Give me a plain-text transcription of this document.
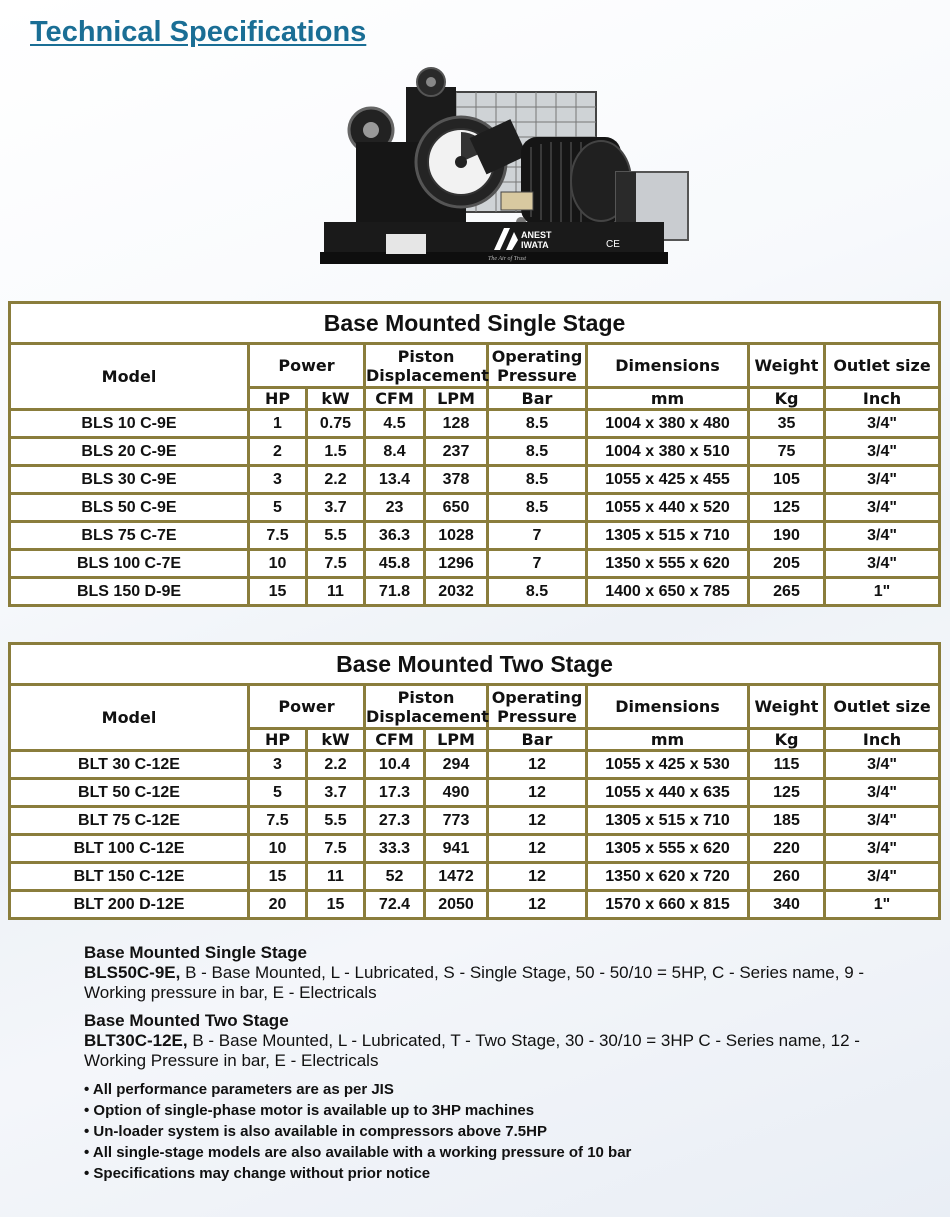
Technical Specifications
ANEST
IWATA
The Air of Trust
CE
Base Mounted Single Stage								
Model	Power		Piston
Displacement		Operating
Pressure	Dimensions	Weight	Outlet size
	HP	kW	CFM	LPM	Bar	mm	Kg	Inch
BLS 10 C-9E	1	0.75	4.5	128	8.5	1004 x 380 x 480	35	3/4"
BLS 20 C-9E	2	1.5	8.4	237	8.5	1004 x 380 x 510	75	3/4"
BLS 30 C-9E	3	2.2	13.4	378	8.5	1055 x 425 x 455	105	3/4"
BLS 50 C-9E	5	3.7	23	650	8.5	1055 x 440 x 520	125	3/4"
BLS 75 C-7E	7.5	5.5	36.3	1028	7	1305 x 515 x 710	190	3/4"
BLS 100 C-7E	10	7.5	45.8	1296	7	1350 x 555 x 620	205	3/4"
BLS 150 D-9E	15	11	71.8	2032	8.5	1400 x 650 x 785	265	1"
Base Mounted Two Stage								
Model	Power		Piston
Displacement		Operating
Pressure	Dimensions	Weight	Outlet size
	HP	kW	CFM	LPM	Bar	mm	Kg	Inch
BLT 30 C-12E	3	2.2	10.4	294	12	1055 x 425 x 530	115	3/4"
BLT 50 C-12E	5	3.7	17.3	490	12	1055 x 440 x 635	125	3/4"
BLT 75 C-12E	7.5	5.5	27.3	773	12	1305 x 515 x 710	185	3/4"
BLT 100 C-12E	10	7.5	33.3	941	12	1305 x 555 x 620	220	3/4"
BLT 150 C-12E	15	11	52	1472	12	1350 x 620 x 720	260	3/4"
BLT 200 D-12E	20	15	72.4	2050	12	1570 x 660 x 815	340	1"

Base Mounted Single Stage
BLS50C-9E, B - Base Mounted, L - Lubricated, S - Single Stage, 50 - 50/10 = 5HP, C - Series name, 9 - Working pressure in bar, E - Electricals

Base Mounted Two Stage
BLT30C-12E, B - Base Mounted, L - Lubricated, T - Two Stage, 30 - 30/10 = 3HP C - Series name, 12 - Working Pressure in bar, E - Electricals

• All performance parameters are as per JIS
• Option of single-phase motor is available up to 3HP machines
• Un-loader system is also available in compressors above 7.5HP
• All single-stage models are also available with a working pressure of 10 bar
• Specifications may change without prior notice
